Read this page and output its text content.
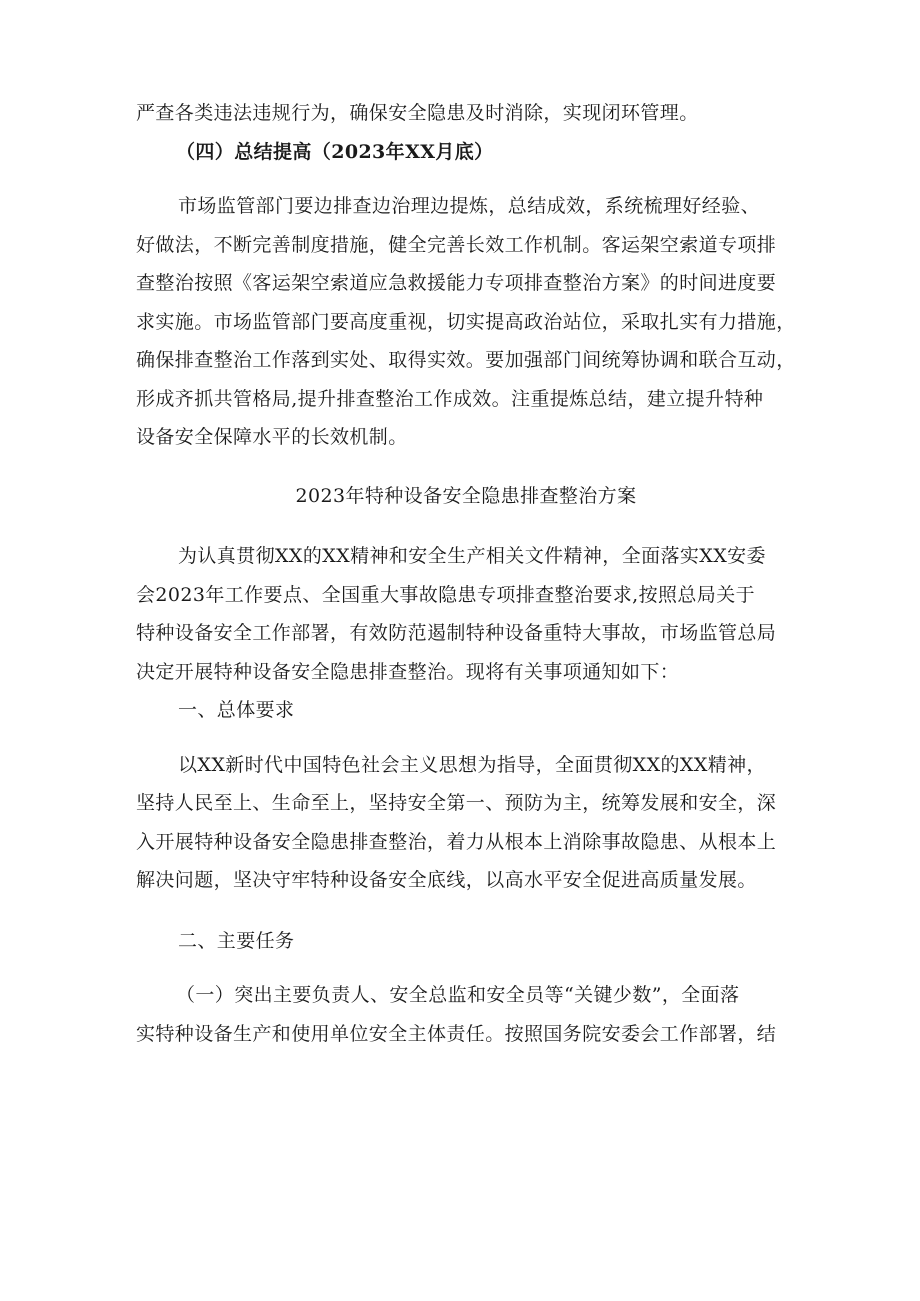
严查各类违法违规行为，确保安全隐患及时消除，实现闭环管理。
（四）总结提高（2023年XX月底）
市场监管部门要边排查边治理边提炼，总结成效，系统梳理好经验、
好做法，不断完善制度措施，健全完善长效工作机制。客运架空索道专项排
查整治按照《客运架空索道应急救援能力专项排查整治方案》的时间进度要
求实施。市场监管部门要高度重视，切实提高政治站位，采取扎实有力措施，
确保排查整治工作落到实处、取得实效。要加强部门间统筹协调和联合互动，
形成齐抓共管格局,提升排查整治工作成效。注重提炼总结，建立提升特种
设备安全保障水平的长效机制。
2023年特种设备安全隐患排查整治方案
为认真贯彻XX的XX精神和安全生产相关文件精神，全面落实XX安委
会2023年工作要点、全国重大事故隐患专项排查整治要求,按照总局关于
特种设备安全工作部署，有效防范遏制特种设备重特大事故，市场监管总局
决定开展特种设备安全隐患排查整治。现将有关事项通知如下：
一、总体要求
以XX新时代中国特色社会主义思想为指导，全面贯彻XX的XX精神，
坚持人民至上、生命至上，坚持安全第一、预防为主，统筹发展和安全，深
入开展特种设备安全隐患排查整治，着力从根本上消除事故隐患、从根本上
解决问题，坚决守牢特种设备安全底线，以高水平安全促进高质量发展。
二、主要任务
（一）突出主要负责人、安全总监和安全员等“关键少数”，全面落
实特种设备生产和使用单位安全主体责任。按照国务院安委会工作部署，结
